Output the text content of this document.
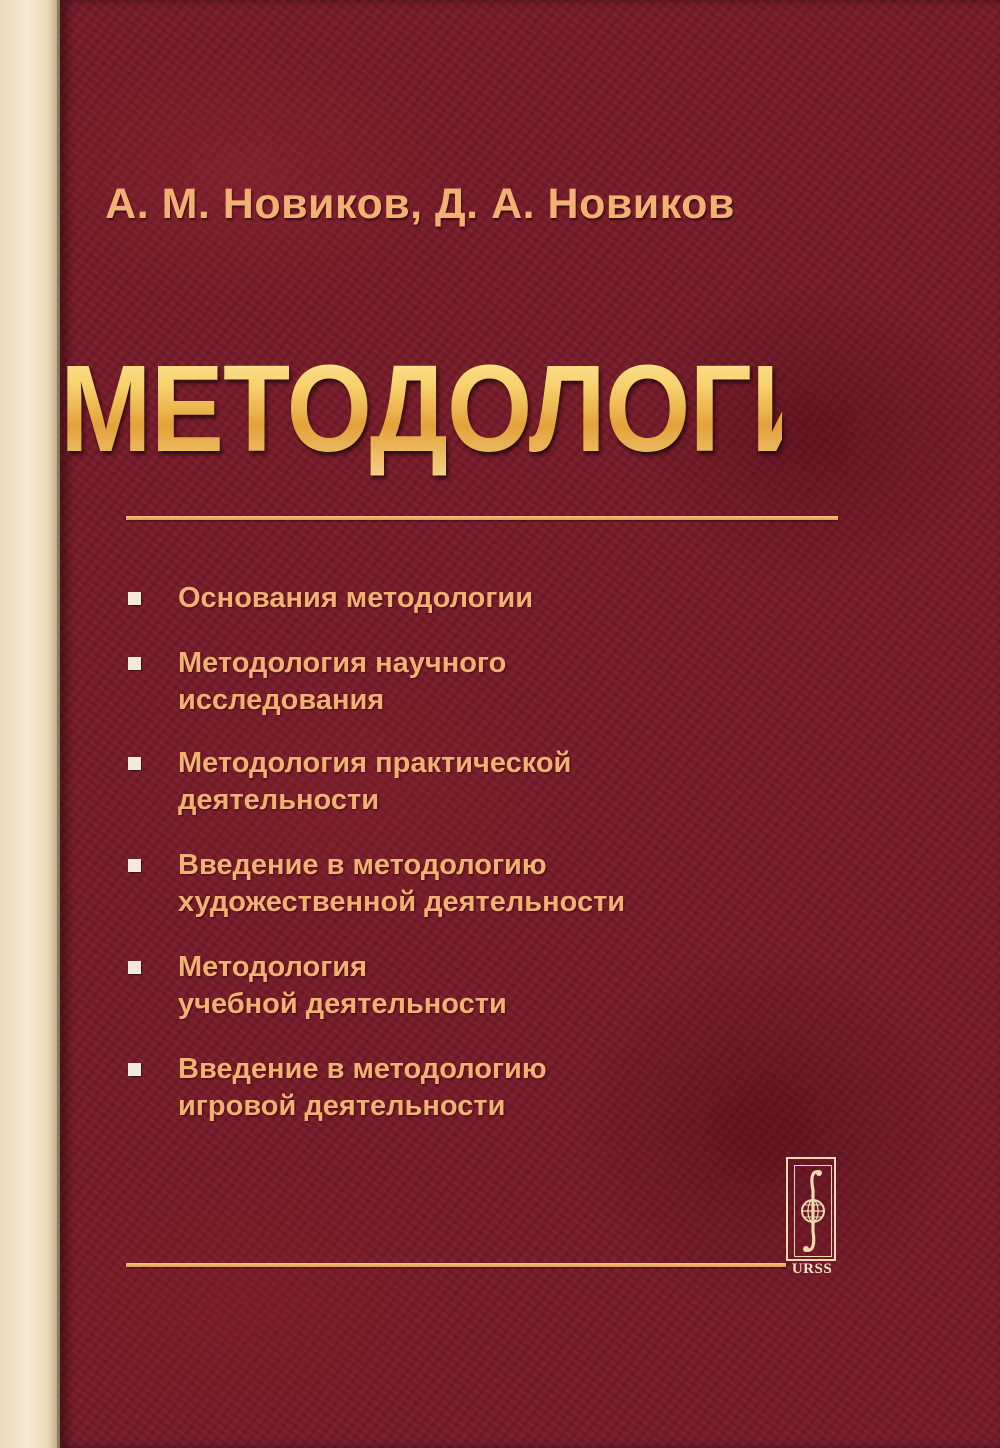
А. М. Новиков, Д. А. Новиков
МЕТОДОЛОГИЯ
Основания методологии
Методология научного
исследования
Методология практической
деятельности
Введение в методологию
художественной деятельности
Методология
учебной деятельности
Введение в методологию
игровой деятельности
URSS
